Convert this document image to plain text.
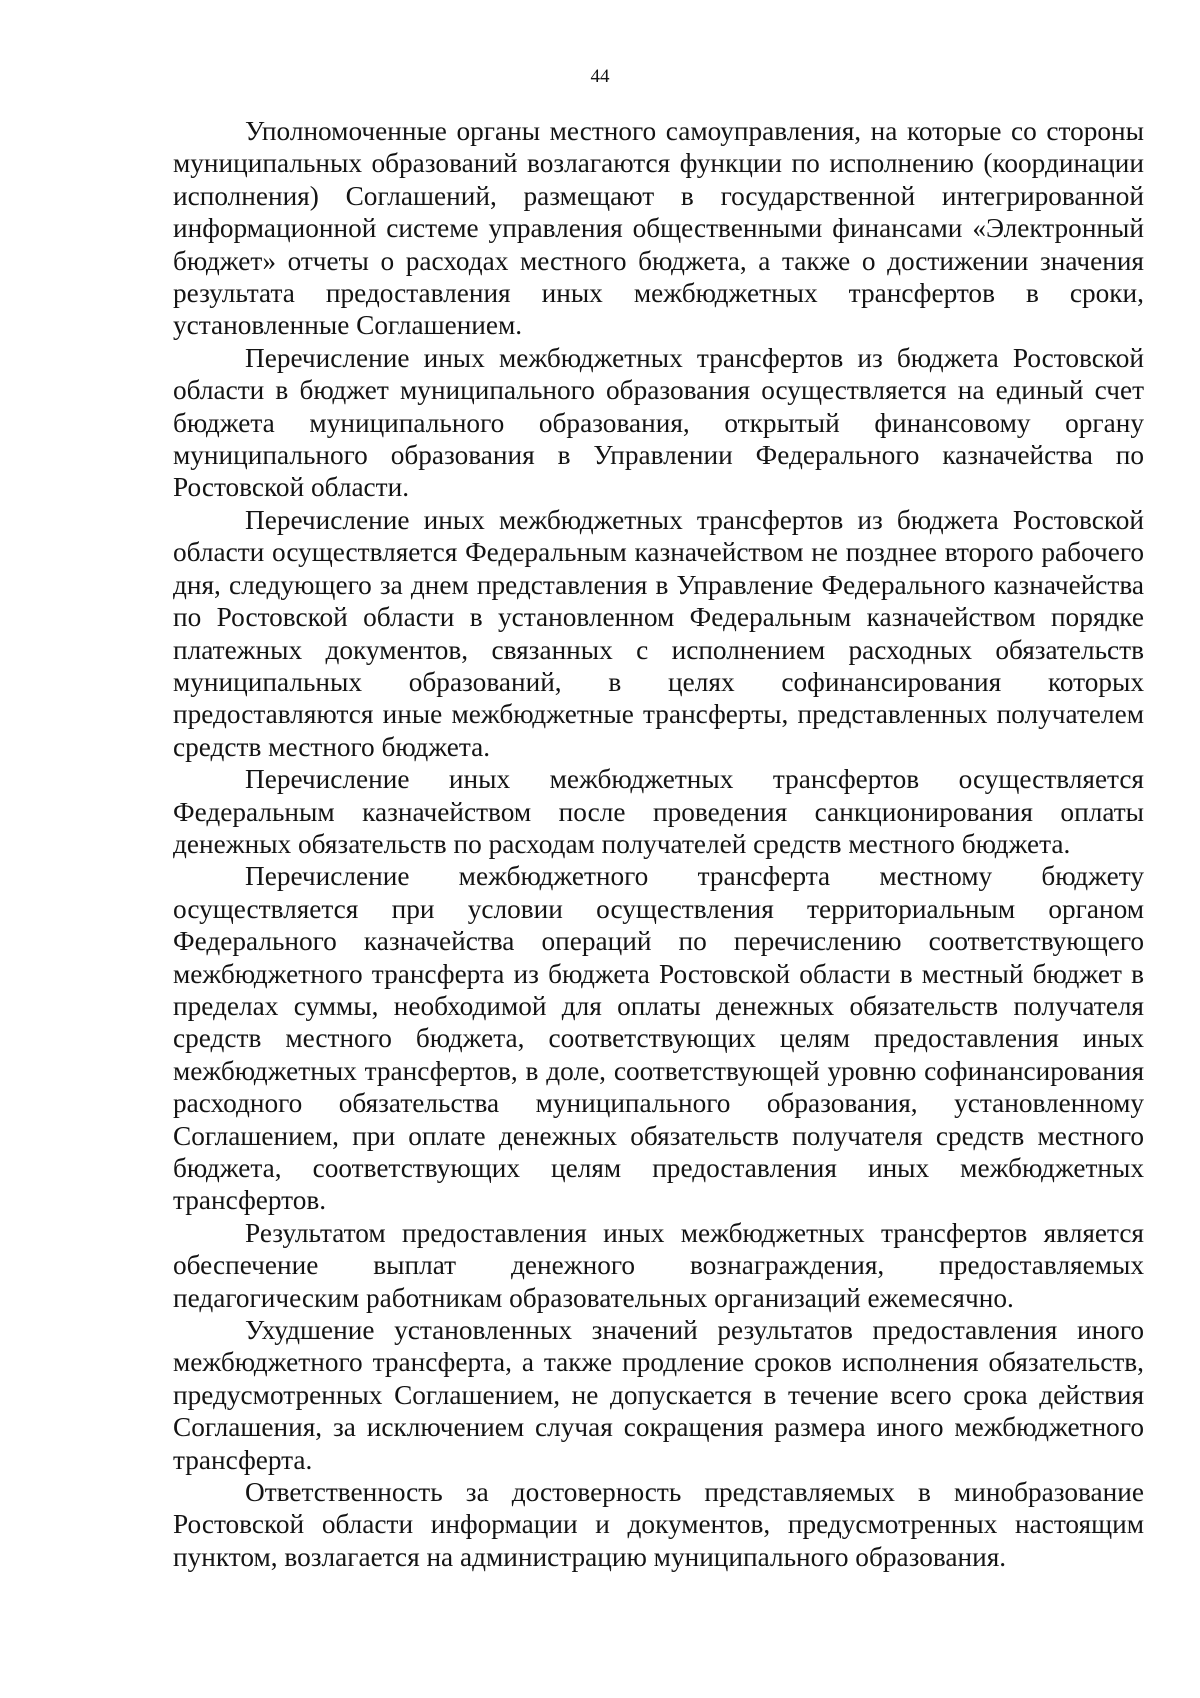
44

Уполномоченные органы местного самоуправления, на которые со стороны муниципальных образований возлагаются функции по исполнению (координации исполнения) Соглашений, размещают в государственной интегрированной информационной системе управления общественными финансами «Электронный бюджет» отчеты о расходах местного бюджета, а также о достижении значения результата предоставления иных межбюджетных трансфертов в сроки, установленные Соглашением.

Перечисление иных межбюджетных трансфертов из бюджета Ростовской области в бюджет муниципального образования осуществляется на единый счет бюджета муниципального образования, открытый финансовому органу муниципального образования в Управлении Федерального казначейства по Ростовской области.

Перечисление иных межбюджетных трансфертов из бюджета Ростовской области осуществляется Федеральным казначейством не позднее второго рабочего дня, следующего за днем представления в Управление Федерального казначейства по Ростовской области в установленном Федеральным казначейством порядке платежных документов, связанных с исполнением расходных обязательств муниципальных образований, в целях софинансирования которых предоставляются иные межбюджетные трансферты, представленных получателем средств местного бюджета.

Перечисление иных межбюджетных трансфертов осуществляется Федеральным казначейством после проведения санкционирования оплаты денежных обязательств по расходам получателей средств местного бюджета.

Перечисление межбюджетного трансферта местному бюджету осуществляется при условии осуществления территориальным органом Федерального казначейства операций по перечислению соответствующего межбюджетного трансферта из бюджета Ростовской области в местный бюджет в пределах суммы, необходимой для оплаты денежных обязательств получателя средств местного бюджета, соответствующих целям предоставления иных межбюджетных трансфертов, в доле, соответствующей уровню софинансирования расходного обязательства муниципального образования, установленному Соглашением, при оплате денежных обязательств получателя средств местного бюджета, соответствующих целям предоставления иных межбюджетных трансфертов.

Результатом предоставления иных межбюджетных трансфертов является обеспечение выплат денежного вознаграждения, предоставляемых педагогическим работникам образовательных организаций ежемесячно.

Ухудшение установленных значений результатов предоставления иного межбюджетного трансферта, а также продление сроков исполнения обязательств, предусмотренных Соглашением, не допускается в течение всего срока действия Соглашения, за исключением случая сокращения размера иного межбюджетного трансферта.

Ответственность за достоверность представляемых в минобразование Ростовской области информации и документов, предусмотренных настоящим пунктом, возлагается на администрацию муниципального образования.
